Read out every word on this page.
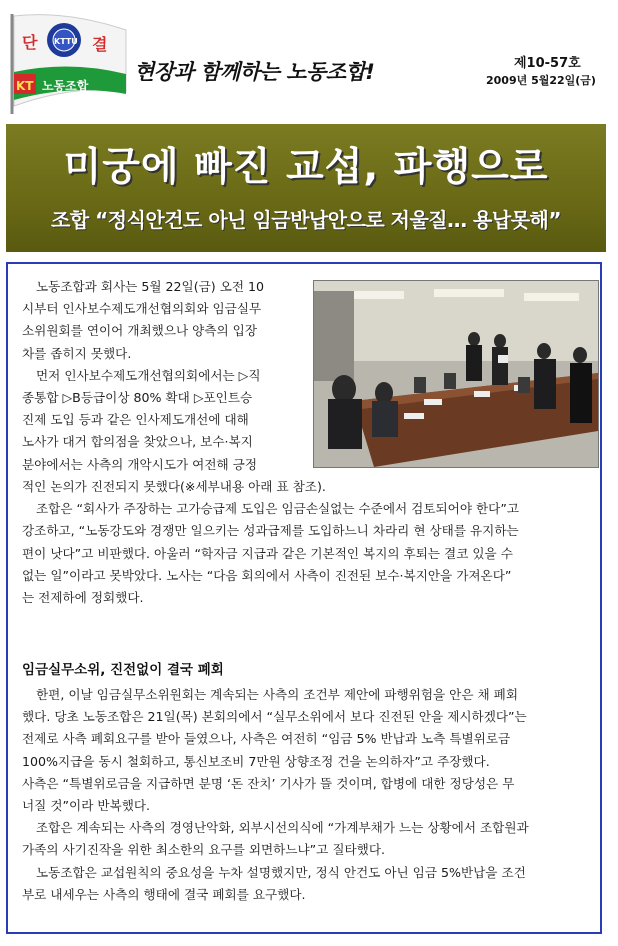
단	결
KTTU
KT 노동조합
현장과 함께하는 노동조합!	제10-57호
2009년 5월22일(금)
미궁에 빠진 교섭, 파행으로
조합 “정식안건도 아닌 임금반납안으로 저울질… 용납못해”
노동조합과 회사는 5월 22일(금) 오전 10
시부터 인사보수제도개선협의회와 임금실무
소위원회를 연이어 개최했으나 양측의 입장
차를 좁히지 못했다.
먼저 인사보수제도개선협의회에서는 ▷직
종통합 ▷B등급이상 80% 확대 ▷포인트승
진제 도입 등과 같은 인사제도개선에 대해
노사가 대거 합의점을 찾았으나, 보수·복지
분야에서는 사측의 개악시도가 여전해 긍정
적인 논의가 진전되지 못했다(※세부내용 아래 표 참조).
조합은 “회사가 주장하는 고가승급제 도입은 임금손실없는 수준에서 검토되어야 한다”고
강조하고, “노동강도와 경쟁만 일으키는 성과급제를 도입하느니 차라리 현 상태를 유지하는
편이 낫다”고 비판했다. 아울러 “학자금 지급과 같은 기본적인 복지의 후퇴는 결코 있을 수
없는 일”이라고 못박았다. 노사는 “다음 회의에서 사측이 진전된 보수·복지안을 가져온다”
는 전제하에 정회했다.
임금실무소위, 진전없이 결국 폐회
한편, 이날 임금실무소위원회는 계속되는 사측의 조건부 제안에 파행위험을 안은 채 폐회
했다. 당초 노동조합은 21일(목) 본회의에서 “실무소위에서 보다 진전된 안을 제시하겠다”는
전제로 사측 폐회요구를 받아 들였으나, 사측은 여전히 “임금 5% 반납과 노측 특별위로금
100%지급을 동시 철회하고, 통신보조비 7만원 상향조정 건을 논의하자”고 주장했다.
사측은 “특별위로금을 지급하면 분명 ‘돈 잔치’ 기사가 뜰 것이며, 합병에 대한 정당성은 무
너질 것”이라 반복했다.
조합은 계속되는 사측의 경영난악화, 외부시선의식에 “가계부채가 느는 상황에서 조합원과
가족의 사기진작을 위한 최소한의 요구를 외면하느냐”고 질타했다.
노동조합은 교섭원칙의 중요성을 누차 설명했지만, 정식 안건도 아닌 임금 5%반납을 조건
부로 내세우는 사측의 행태에 결국 폐회를 요구했다.
